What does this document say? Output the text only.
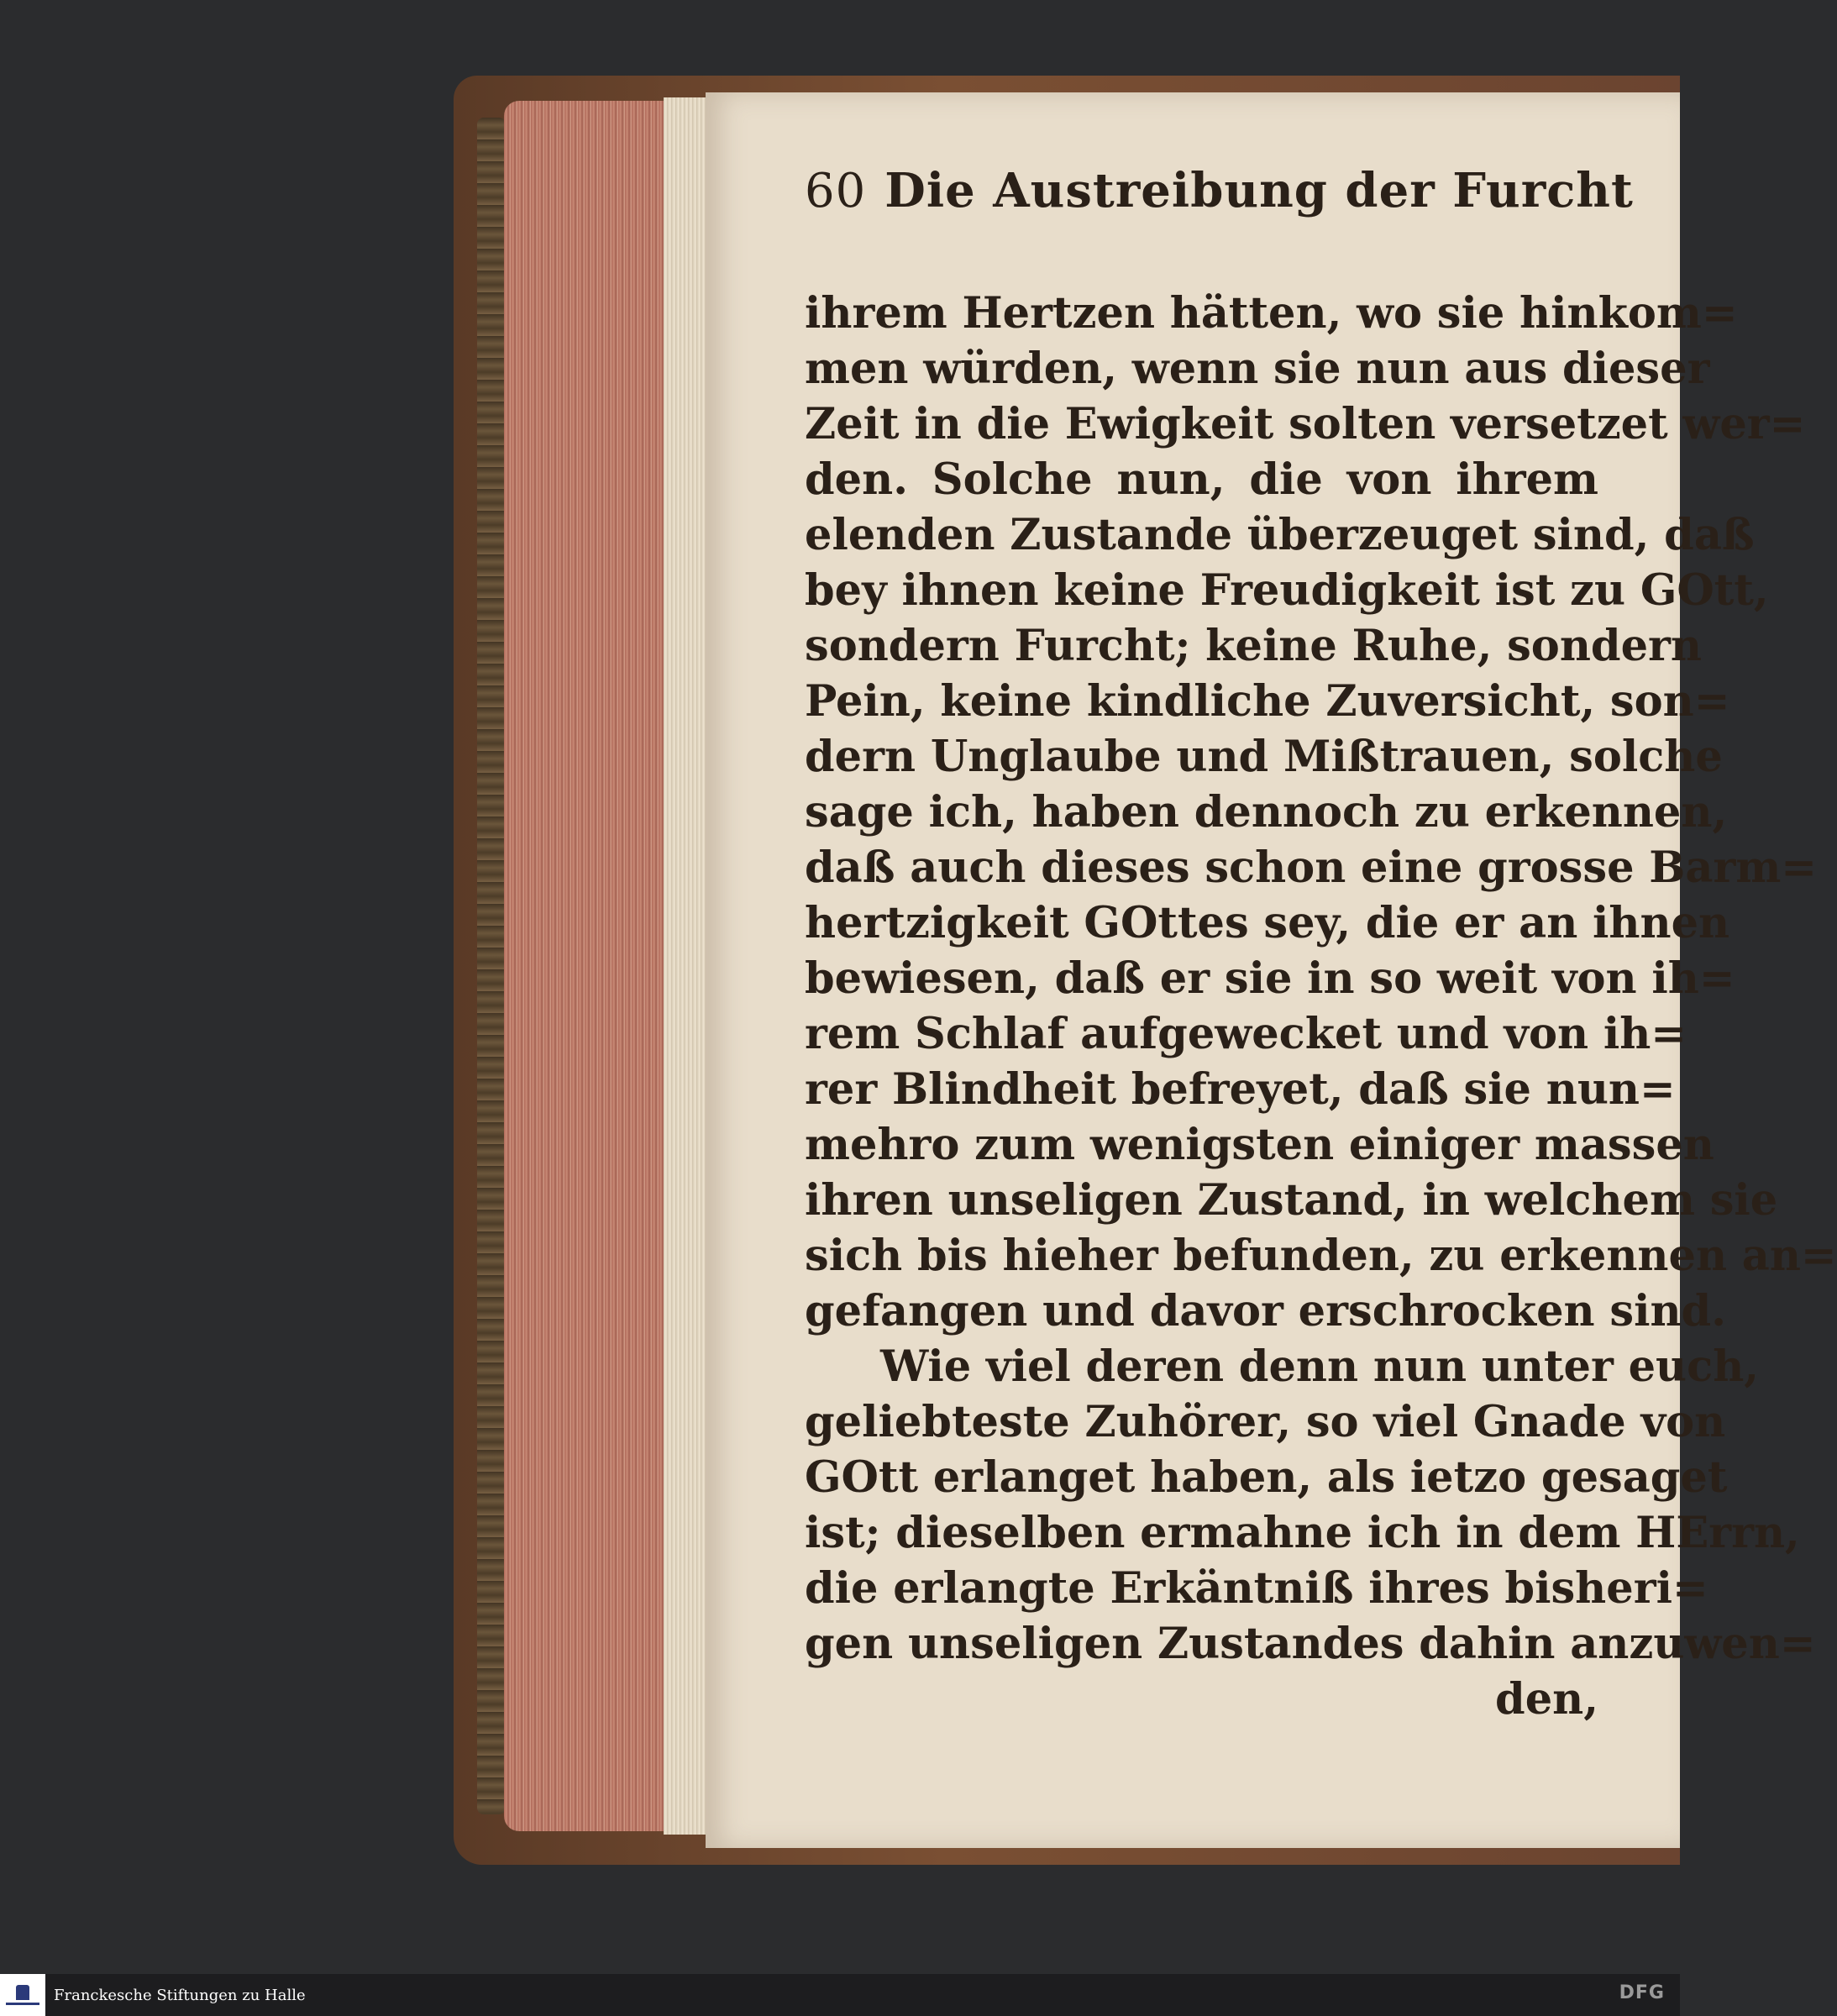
60 Die Austreibung der Furcht
ihrem Hertzen hätten, wo sie hinkom=
men würden, wenn sie nun aus dieser
Zeit in die Ewigkeit solten versetzet wer=
den. Solche nun, die von ihrem
elenden Zustande überzeuget sind, daß
bey ihnen keine Freudigkeit ist zu GOtt,
sondern Furcht; keine Ruhe, sondern
Pein, keine kindliche Zuversicht, son=
dern Unglaube und Mißtrauen, solche
sage ich, haben dennoch zu erkennen,
daß auch dieses schon eine grosse Barm=
hertzigkeit GOttes sey, die er an ihnen
bewiesen, daß er sie in so weit von ih=
rem Schlaf aufgewecket und von ih=
rer Blindheit befreyet, daß sie nun=
mehro zum wenigsten einiger massen
ihren unseligen Zustand, in welchem sie
sich bis hieher befunden, zu erkennen an=
gefangen und davor erschrocken sind.
Wie viel deren denn nun unter euch,
geliebteste Zuhörer, so viel Gnade von
GOtt erlanget haben, als ietzo gesaget
ist; dieselben ermahne ich in dem HErrn,
die erlangte Erkäntniß ihres bisheri=
gen unseligen Zustandes dahin anzuwen=
den,
Franckesche Stiftungen zu Halle	DFG
